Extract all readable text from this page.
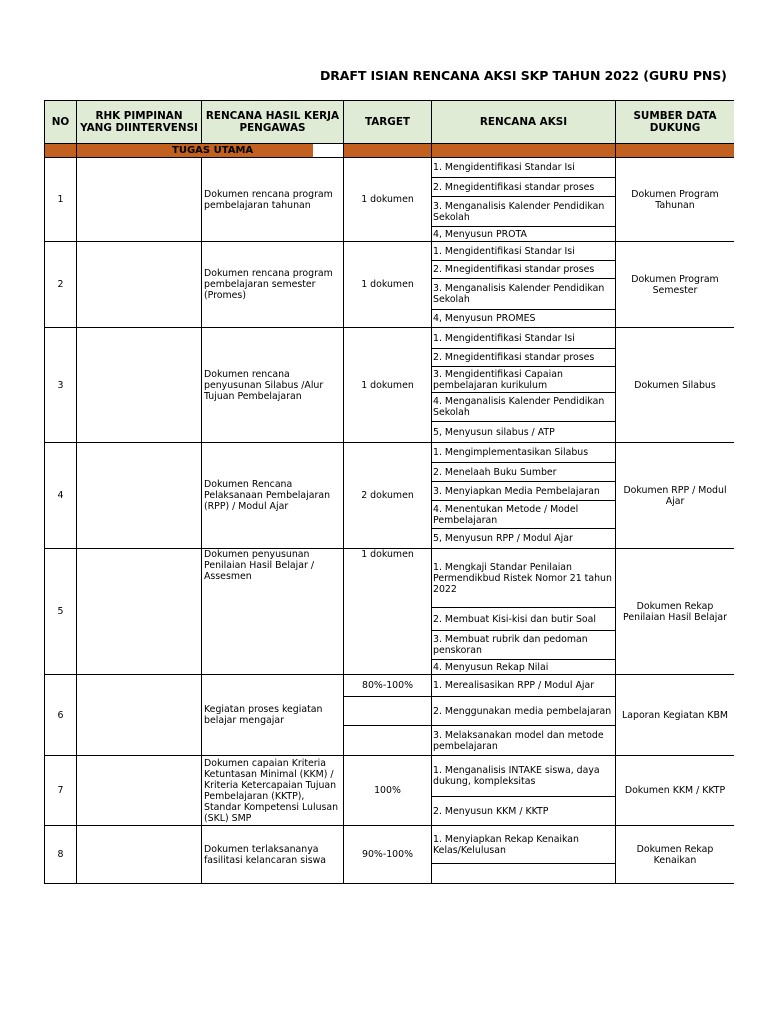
DRAFT ISIAN RENCANA AKSI SKP TAHUN 2022 (GURU PNS)
NO	RHK PIMPINAN YANG DIINTERVENSI	RENCANA HASIL KERJA PENGAWAS	TARGET	RENCANA AKSI	SUMBER DATA DUKUNG
		TUGAS UTAMA			
1		Dokumen rencana program pembelajaran tahunan	1 dokumen	1. Mengidentifikasi Standar Isi	Dokumen Program Tahunan
2. Mnegidentifikasi standar proses
3. Menganalisis Kalender Pendidikan Sekolah
4, Menyusun PROTA
2		Dokumen rencana program pembelajaran semester (Promes)	1 dokumen	1. Mengidentifikasi Standar Isi	Dokumen Program Semester
2. Mnegidentifikasi standar proses
3. Menganalisis Kalender Pendidikan Sekolah
4, Menyusun PROMES
3		Dokumen rencana penyusunan Silabus /Alur Tujuan Pembelajaran	1 dokumen	1. Mengidentifikasi Standar Isi	Dokumen Silabus
2. Mnegidentifikasi standar proses
3. Mengidentifikasi Capaian pembelajaran kurikulum
4. Menganalisis Kalender Pendidikan Sekolah
5, Menyusun silabus / ATP
4		Dokumen Rencana Pelaksanaan Pembelajaran (RPP) / Modul Ajar	2 dokumen	1. Mengimplementasikan Silabus	Dokumen RPP / Modul Ajar
2. Menelaah Buku Sumber
3. Menyiapkan Media Pembelajaran
4. Menentukan Metode / Model Pembelajaran
5, Menyusun RPP / Modul Ajar
5		Dokumen penyusunan Penilaian Hasil Belajar / Assesmen	1 dokumen	1. Mengkaji Standar Penilaian Permendikbud Ristek Nomor 21 tahun 2022	Dokumen Rekap Penilaian Hasil Belajar
2. Membuat Kisi-kisi dan butir Soal
3. Membuat rubrik dan pedoman penskoran
4. Menyusun Rekap Nilai
6		Kegiatan proses kegiatan belajar mengajar	80%-100%	1. Merealisasikan RPP / Modul Ajar	Laporan Kegiatan KBM
	2. Menggunakan media pembelajaran
	3. Melaksanakan model dan metode pembelajaran
7		Dokumen capaian Kriteria Ketuntasan Minimal (KKM) / Kriteria Ketercapaian Tujuan Pembelajaran (KKTP), Standar Kompetensi Lulusan (SKL) SMP	100%	1. Menganalisis INTAKE siswa, daya dukung, kompleksitas	Dokumen KKM / KKTP
2. Menyusun KKM / KKTP
8		Dokumen terlaksananya fasilitasi kelancaran siswa	90%-100%	1. Menyiapkan Rekap Kenaikan Kelas/Kelulusan	Dokumen Rekap Kenaikan
